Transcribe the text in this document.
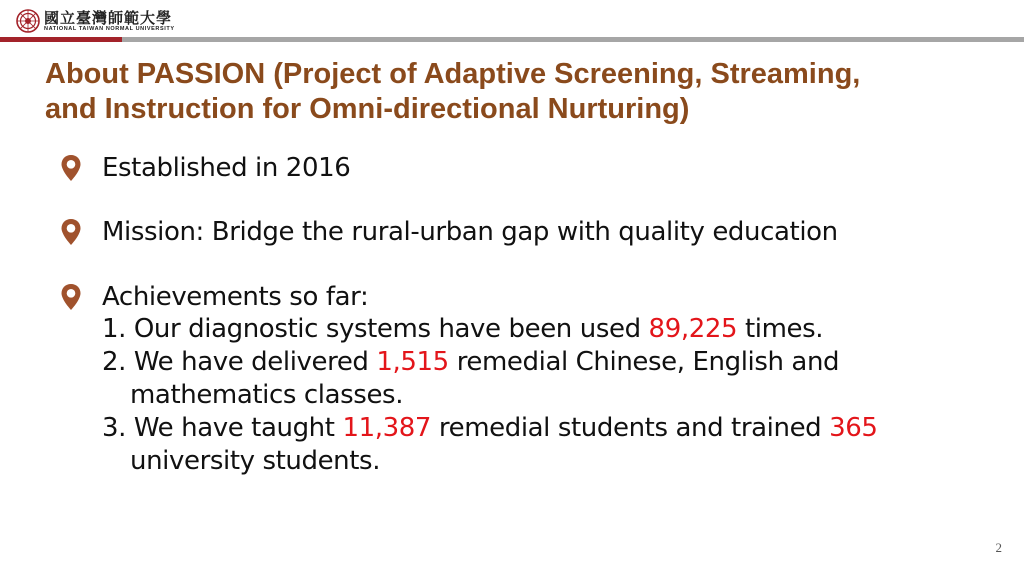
國立臺灣師範大學
NATIONAL TAIWAN NORMAL UNIVERSITY
About PASSION (Project of Adaptive Screening, Streaming,
and Instruction for Omni-directional Nurturing)
Established in 2016
Mission: Bridge the rural-urban gap with quality education
Achievements so far:
1. Our diagnostic systems have been used 89,225 times.
2. We have delivered 1,515 remedial Chinese, English and
mathematics classes.
3. We have taught 11,387 remedial students and trained 365
university students.
2
